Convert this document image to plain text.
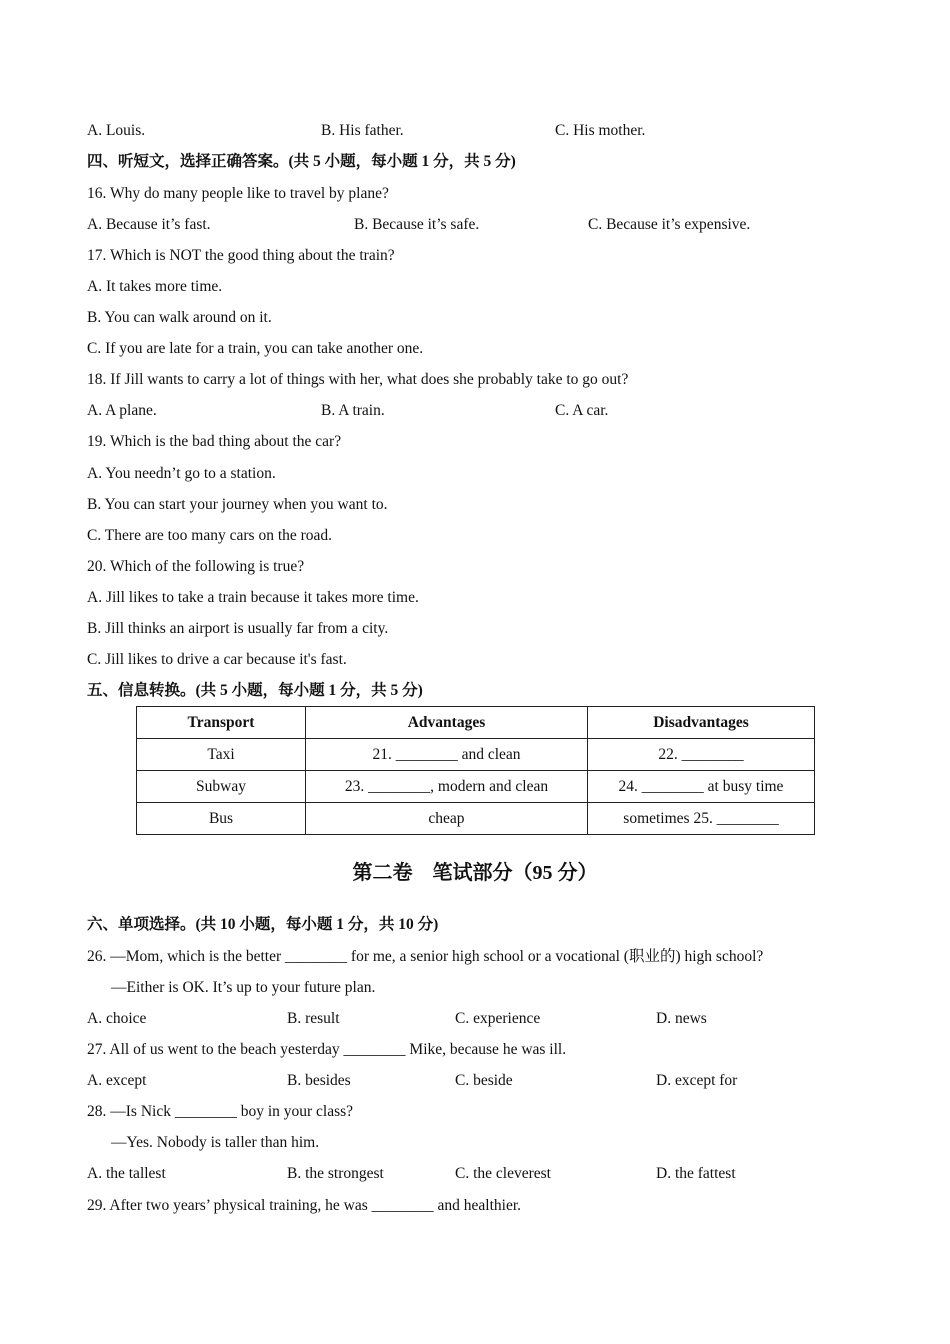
A. Louis.	B. His father.	C. His mother.
四、听短文，选择正确答案。(共 5 小题，每小题 1 分，共 5 分)
16. Why do many people like to travel by plane?
A. Because it’s fast.	B. Because it’s safe.	C. Because it’s expensive.
17. Which is NOT the good thing about the train?
A. It takes more time.
B. You can walk around on it.
C. If you are late for a train, you can take another one.
18. If Jill wants to carry a lot of things with her, what does she probably take to go out?
A. A plane.	B. A train.	C. A car.
19. Which is the bad thing about the car?
A. You needn’t go to a station.
B. You can start your journey when you want to.
C. There are too many cars on the road.
20. Which of the following is true?
A. Jill likes to take a train because it takes more time.
B. Jill thinks an airport is usually far from a city.
C. Jill likes to drive a car because it's fast.
五、信息转换。(共 5 小题，每小题 1 分，共 5 分)
Transport	Advantages	Disadvantages
Taxi	21. ________ and clean	22. ________
Subway	23. ________, modern and clean	24. ________ at busy time
Bus	cheap	sometimes 25. ________
第二卷　笔试部分（95 分）
六、单项选择。(共 10 小题，每小题 1 分，共 10 分)
26. —Mom, which is the better ________ for me, a senior high school or a vocational (职业的) high school?
—Either is OK. It’s up to your future plan.
A. choice	B. result	C. experience	D. news
27. All of us went to the beach yesterday ________ Mike, because he was ill.
A. except	B. besides	C. beside	D. except for
28. —Is Nick ________ boy in your class?
—Yes. Nobody is taller than him.
A. the tallest	B. the strongest	C. the cleverest	D. the fattest
29. After two years’ physical training, he was ________ and healthier.
